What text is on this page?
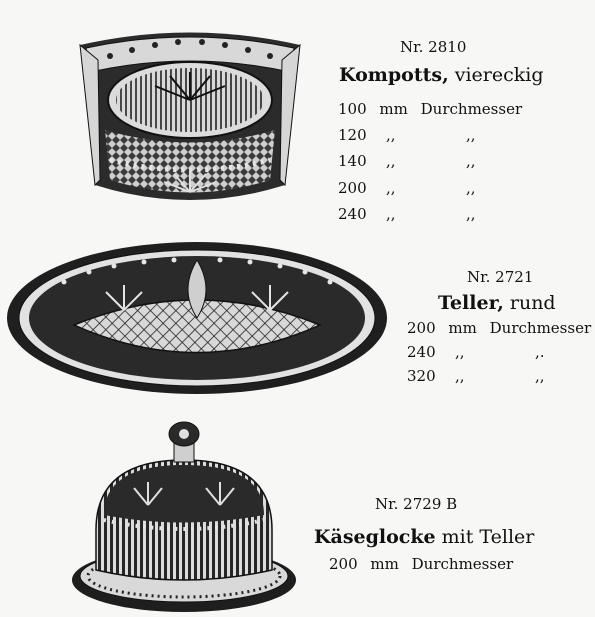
Nr. 2810
Kompotts, viereckig
100 mm Durchmesser
120 ,,	,,
140 ,,	,,
200 ,,	,,
240 ,,	,,
Nr. 2721
Teller, rund
200 mm Durchmesser
240 ,,	,.
320 ,,	,,
Nr. 2729 B
Käseglocke mit Teller
200 mm Durchmesser
